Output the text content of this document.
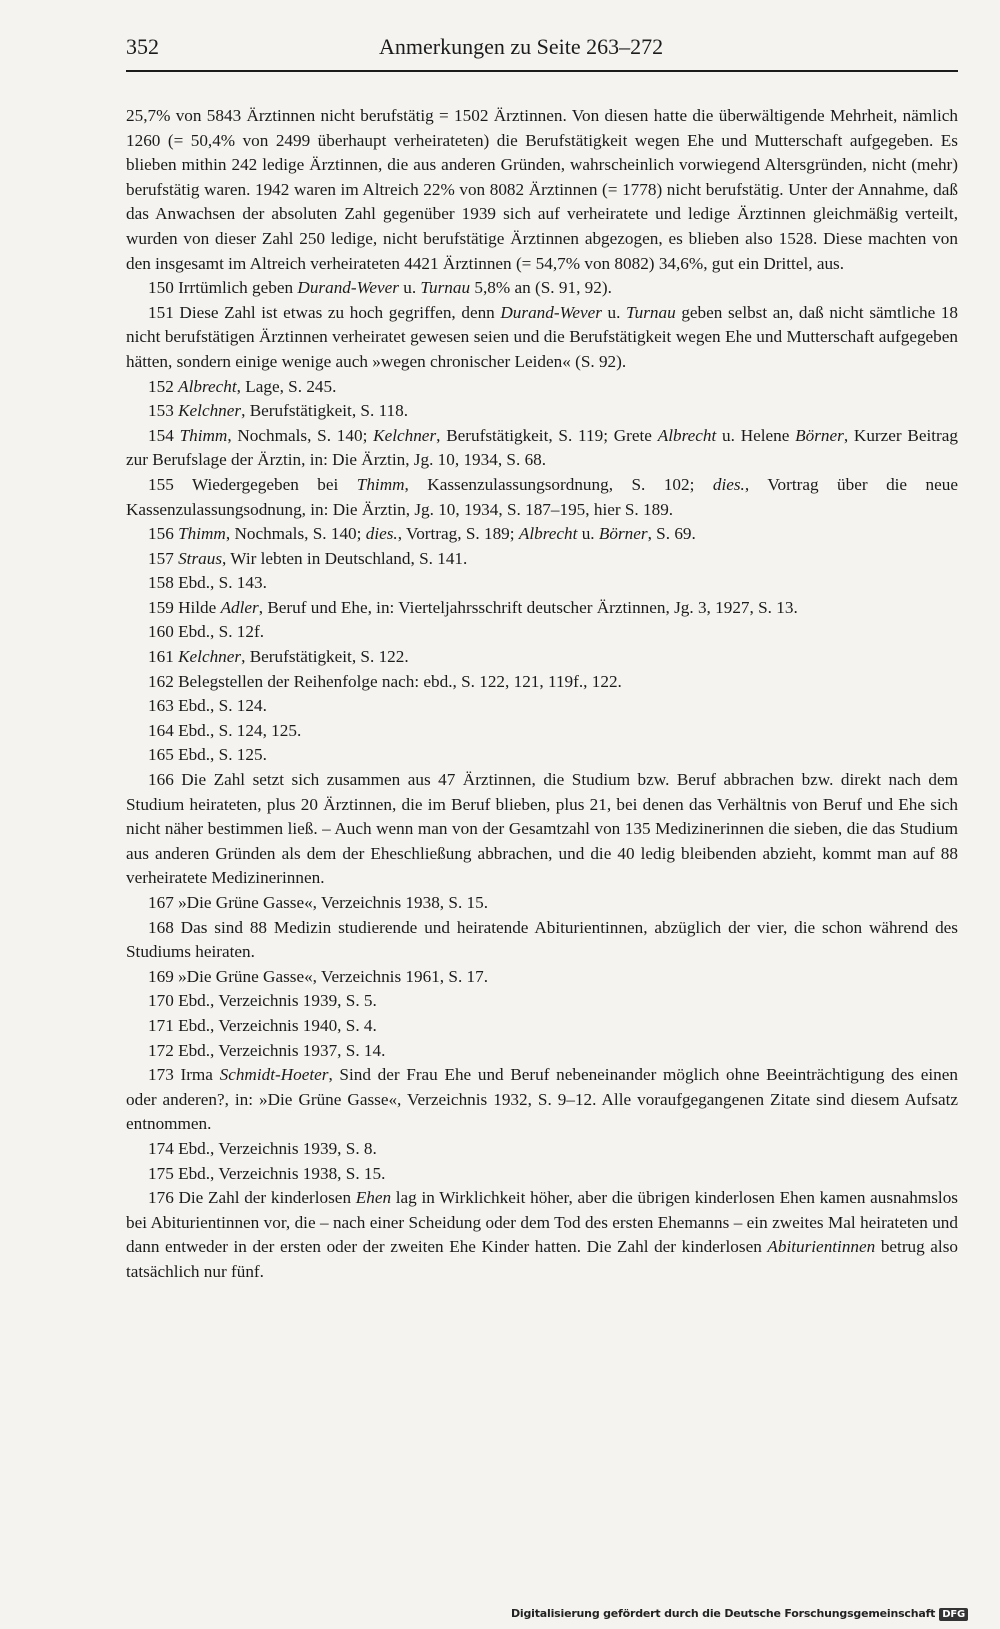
352	Anmerkungen zu Seite 263–272

25,7% von 5843 Ärztinnen nicht berufstätig = 1502 Ärztinnen. Von diesen hatte die überwältigende Mehrheit, nämlich 1260 (= 50,4% von 2499 überhaupt verheirateten) die Berufstätigkeit wegen Ehe und Mutterschaft aufgegeben. Es blieben mithin 242 ledige Ärztinnen, die aus anderen Gründen, wahrscheinlich vorwiegend Altersgründen, nicht (mehr) berufstätig waren. 1942 waren im Altreich 22% von 8082 Ärztinnen (= 1778) nicht berufstätig. Unter der Annahme, daß das Anwachsen der absoluten Zahl gegenüber 1939 sich auf verheiratete und ledige Ärztinnen gleichmäßig verteilt, wurden von dieser Zahl 250 ledige, nicht berufstätige Ärztinnen abgezogen, es blieben also 1528. Diese machten von den insgesamt im Altreich verheirateten 4421 Ärztinnen (= 54,7% von 8082) 34,6%, gut ein Drittel, aus.

150 Irrtümlich geben Durand-Wever u. Turnau 5,8% an (S. 91, 92).

151 Diese Zahl ist etwas zu hoch gegriffen, denn Durand-Wever u. Turnau geben selbst an, daß nicht sämtliche 18 nicht berufstätigen Ärztinnen verheiratet gewesen seien und die Berufstätigkeit wegen Ehe und Mutterschaft aufgegeben hätten, sondern einige wenige auch »wegen chronischer Leiden« (S. 92).

152 Albrecht, Lage, S. 245.

153 Kelchner, Berufstätigkeit, S. 118.

154 Thimm, Nochmals, S. 140; Kelchner, Berufstätigkeit, S. 119; Grete Albrecht u. Helene Börner, Kurzer Beitrag zur Berufslage der Ärztin, in: Die Ärztin, Jg. 10, 1934, S. 68.

155 Wiedergegeben bei Thimm, Kassenzulassungsordnung, S. 102; dies., Vortrag über die neue Kassenzulassungsodnung, in: Die Ärztin, Jg. 10, 1934, S. 187–195, hier S. 189.

156 Thimm, Nochmals, S. 140; dies., Vortrag, S. 189; Albrecht u. Börner, S. 69.

157 Straus, Wir lebten in Deutschland, S. 141.

158 Ebd., S. 143.

159 Hilde Adler, Beruf und Ehe, in: Vierteljahrsschrift deutscher Ärztinnen, Jg. 3, 1927, S. 13.

160 Ebd., S. 12f.

161 Kelchner, Berufstätigkeit, S. 122.

162 Belegstellen der Reihenfolge nach: ebd., S. 122, 121, 119f., 122.

163 Ebd., S. 124.

164 Ebd., S. 124, 125.

165 Ebd., S. 125.

166 Die Zahl setzt sich zusammen aus 47 Ärztinnen, die Studium bzw. Beruf abbrachen bzw. direkt nach dem Studium heirateten, plus 20 Ärztinnen, die im Beruf blieben, plus 21, bei denen das Verhältnis von Beruf und Ehe sich nicht näher bestimmen ließ. – Auch wenn man von der Gesamtzahl von 135 Medizinerinnen die sieben, die das Studium aus anderen Gründen als dem der Eheschließung abbrachen, und die 40 ledig bleibenden abzieht, kommt man auf 88 verheiratete Medizinerinnen.

167 »Die Grüne Gasse«, Verzeichnis 1938, S. 15.

168 Das sind 88 Medizin studierende und heiratende Abiturientinnen, abzüglich der vier, die schon während des Studiums heiraten.

169 »Die Grüne Gasse«, Verzeichnis 1961, S. 17.

170 Ebd., Verzeichnis 1939, S. 5.

171 Ebd., Verzeichnis 1940, S. 4.

172 Ebd., Verzeichnis 1937, S. 14.

173 Irma Schmidt-Hoeter, Sind der Frau Ehe und Beruf nebeneinander möglich ohne Beeinträchtigung des einen oder anderen?, in: »Die Grüne Gasse«, Verzeichnis 1932, S. 9–12. Alle voraufgegangenen Zitate sind diesem Aufsatz entnommen.

174 Ebd., Verzeichnis 1939, S. 8.

175 Ebd., Verzeichnis 1938, S. 15.

176 Die Zahl der kinderlosen Ehen lag in Wirklichkeit höher, aber die übrigen kinderlosen Ehen kamen ausnahmslos bei Abiturientinnen vor, die – nach einer Scheidung oder dem Tod des ersten Ehemanns – ein zweites Mal heirateten und dann entweder in der ersten oder der zweiten Ehe Kinder hatten. Die Zahl der kinderlosen Abiturientinnen betrug also tatsächlich nur fünf.

Digitalisierung gefördert durch die Deutsche Forschungsgemeinschaft DFG
